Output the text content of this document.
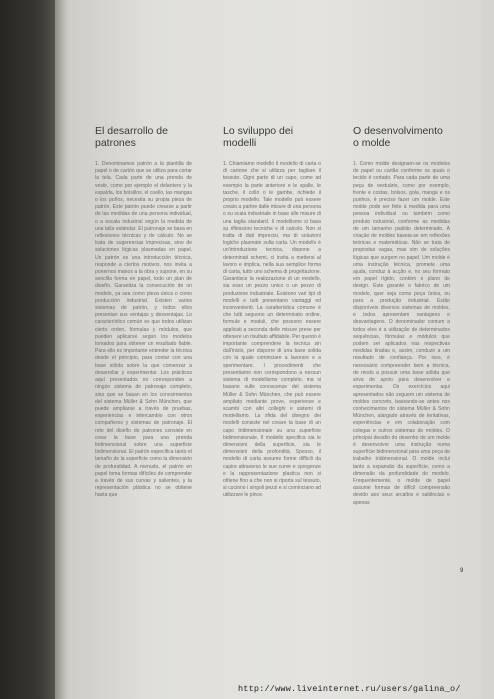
El desarrollo de patrones

1. Denominamos patrón a la plantilla de papel o de cartón que se utiliza para cortar la tela. Cada parte de una prenda de vestir, como por ejemplo el delantero y la espalda, los bolsillos, el cuello, las mangas o los puños, necesita su propia pieza de patrón. Este patrón puede crearse a partir de las medidas de una persona individual, o a escala industrial según la medida de una talla estándar. El patronaje se basa en reflexiones técnicas y de cálculo. No se trata de sugerencias imprecisas, sino de soluciones lógicas plasmadas en papel. Un patrón es una introducción técnica, responde a ciertos motivos, nos invita a ponernos manos a la obra y supone, en su sencilla forma en papel, todo un plan de diseño. Garantiza la consecución de un modelo, ya sea como pieza única o como producción industrial. Existen varios sistemas de patrón, y todos ellos presentan sus ventajas y desventajas. Lo característico común es que todos utilizan cierto orden, fórmulas y módulos, que pueden aplicarse según los modelos tomados para obtener un resultado fiable. Para ello es importante entender la técnica desde el principio, para contar con una base sólida sobre la que comenzar a desarrollar y experimentar. Los prácticos aquí presentados no corresponden a ningún sistema de patronaje completo, sino que se basan en los conocimientos del sistema Müller & Sohn München, que puede ampliarse a través de pruebas, experiencias e intercambio con otros compañeros y sistemas de patronaje. El reto del diseño de patrones consiste en crear la base para una prenda tridimensional sobre una superficie bidimensional. El patrón especifica tanto el tamaño de la superficie como la dimensión de profundidad. A menudo, el patrón en papel toma formas difíciles de comprender a través de sus curvas y salientes, y la representación plástica no se obtiene hasta que

Lo sviluppo dei modelli

1. Chiamiamo modello il modello di carta o di cartone che si utilizza per tagliare il tessuto. Ogni parte di un capo, come ad esempio la parte anteriore e le spalle, le tasche, il collo o le gambe, richiede il proprio modello. Tale modello può essere creato a partire dalle misure di una persona o su scala industriale in base alle misure di una taglia standard. Il modellismo si basa su riflessioni tecniche e di calcolo. Non si tratta di dati imprecisi, ma di soluzioni logiche plasmate sulla carta. Un modello è un'introduzione tecnica, dispone a determinati schemi, ci invita a mettersi al lavoro e implica, nella sua semplice forma di carta, tutto uno schema di progettazione. Garantisce la realizzazione di un modello, sia esso un pezzo unico o un pezzo di produzione industriale. Esistono vari tipi di modelli e tutti presentano vantaggi ed inconvenienti. La caratteristica comune è che tutti seguono un determinato ordine, formule e moduli, che possono essere applicati a seconda delle misure prese per ottenere un risultato affidabile. Per questo è importante comprendere la tecnica sin dall'inizio, per disporre di una base solida con la quale cominciare a lavorare e a sperimentare. I procedimenti che presentiamo non corrispondono a nessun sistema di modellismo completo, ma si basano sulle conoscenze del sistema Müller & Sohn München, che può essere ampliato mediante prove, esperienze e scambi con altri colleghi e sistemi di modellismo. La sfida del disegno dei modelli consiste nel creare la base di un capo tridimensionale su una superficie bidimensionale. Il modello specifica sia le dimensioni della superficie, sia le dimensioni della profondità. Spesso, il modello di carta assume forme difficili da capire attraverso le sue curve e sporgenze e la rappresentazione plastica non si ottiene fino a che non si riporta sul tessuto, si cuciono i singoli pezzi e si cominciano ad utilizzare le pince.

O desenvolvimento o molde

1. Como molde designam-se os modelos de papel ou cartão conforme os quais o tecido é cortado. Para cada parte de uma peça de vestuário, como por exemplo, frente e costas, bolsos, gola, manga e os punhos, é preciso fazer um molde. Este molde pode ser feito à medida para uma pessoa individual ou também como produto industrial, conforme as medidas de um tamanho padrão determinado. A criação de moldes baseia-se em reflexões teóricas e matemáticas. Não se trata de propostas vagas, mas sim de soluções lógicas que surgem no papel. Um molde é uma instrução técnica, promete uma ajuda, conduz à acção e, no seu formato em papel rígido, contém o plano de design. Este garante o fabrico de um modelo, quer seja como peça única, ou para a produção industrial. Estão disponíveis diversos sistemas de moldes, e todos apresentam vantagens e desvantagens. O denominador comum a todos eles é a utilização de determinados sequências, fórmulas e módulos que podem ser aplicados nas respectivas medidas tiradas e, assim, conduzir a um resultado de confiança. Por isso, é necessário compreender bem a técnica, de modo a possuir uma base sólida que sirva de apoio para desenvolver e experimentar. Os exercícios aqui apresentados não seguem um sistema de moldes concreto, baseando-se antes nos conhecimentos do sistema Müller & Sohn München, alargado através de tentativas, experiências e em colaboração com colegas e outros sistemas de moldes. O principal desafio do desenho de um molde é desenvolver uma instrução numa superfície bidimensional para uma peça de trabalho tridimensional. O molde inclui tanto a expansão da superfície, como a dimensão da profundidade do modelo. Frequentemente, o molde de papel assume formas de difícil compreensão devido aos seus arcaltos e saliências e apenas

9
http://www.liveinternet.ru/users/galina_o/
